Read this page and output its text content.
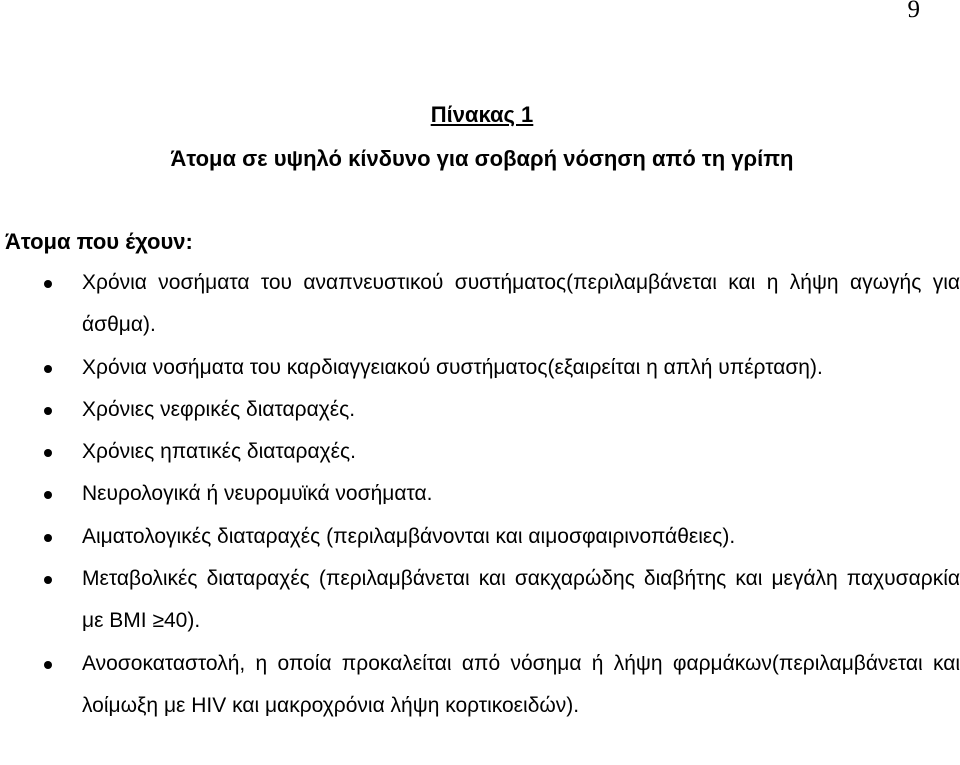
9
Πίνακας 1
Άτομα σε υψηλό κίνδυνο για σοβαρή νόσηση από τη γρίπη
Άτομα που έχουν:
Χρόνια νοσήματα του αναπνευστικού συστήματος(περιλαμβάνεται και η λήψη αγωγής για άσθμα).
Χρόνια νοσήματα του καρδιαγγειακού συστήματος(εξαιρείται η απλή υπέρταση).
Χρόνιες νεφρικές διαταραχές.
Χρόνιες ηπατικές διαταραχές.
Νευρολογικά ή νευρομυϊκά νοσήματα.
Αιματολογικές διαταραχές (περιλαμβάνονται και αιμοσφαιρινοπάθειες).
Μεταβολικές διαταραχές (περιλαμβάνεται και σακχαρώδης διαβήτης και μεγάλη παχυσαρκία με BMI ≥40).
Ανοσοκαταστολή, η οποία προκαλείται από νόσημα ή λήψη φαρμάκων(περιλαμβάνεται και λοίμωξη με HIV και μακροχρόνια λήψη κορτικοειδών).
